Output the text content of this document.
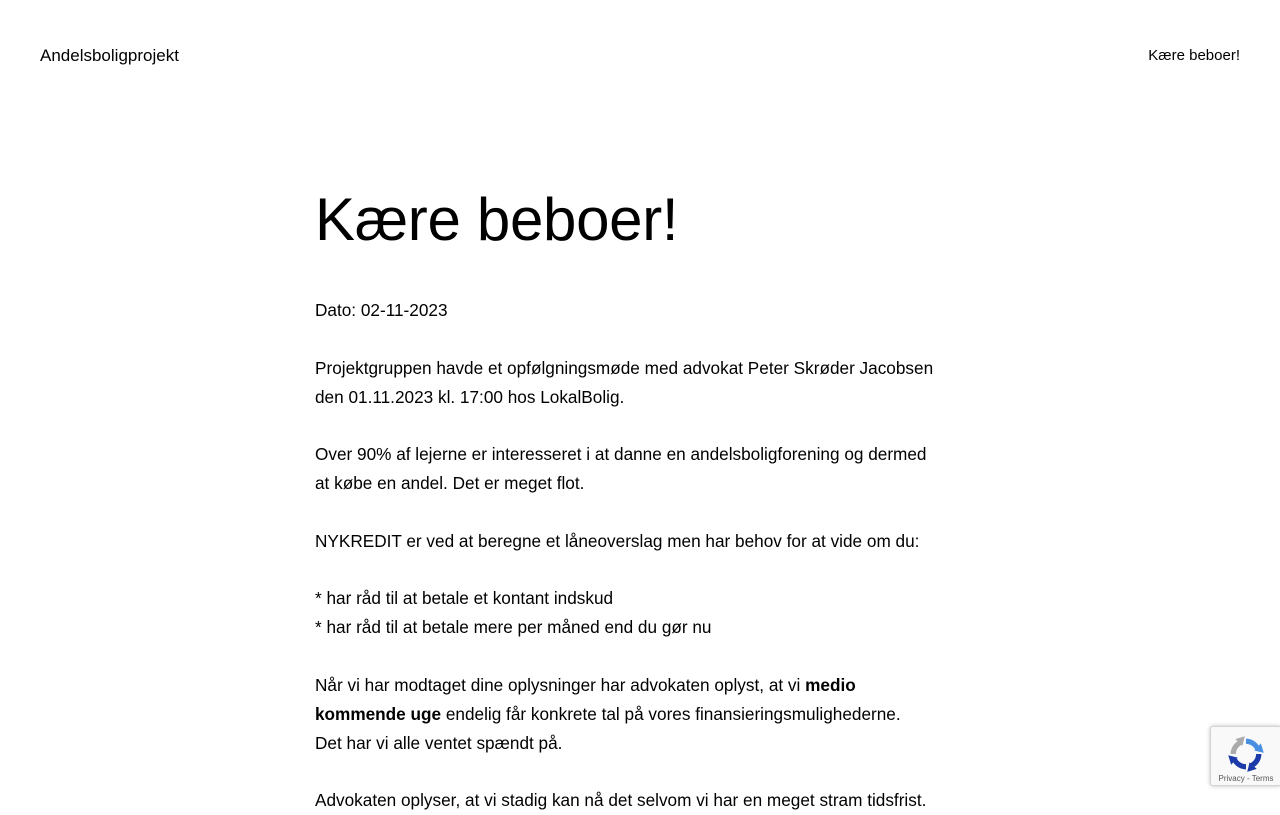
Andelsboligprojekt	Kære beboer!
Kære beboer!

Dato: 02-11-2023

Projektgruppen havde et opfølgningsmøde med advokat Peter Skrøder Jacobsen
den 01.11.2023 kl. 17:00 hos LokalBolig.

Over 90% af lejerne er interesseret i at danne en andelsboligforening og dermed
at købe en andel. Det er meget flot.

NYKREDIT er ved at beregne et låneoverslag men har behov for at vide om du:

* har råd til at betale et kontant indskud
* har råd til at betale mere per måned end du gør nu

Når vi har modtaget dine oplysninger har advokaten oplyst, at vi medio
kommende uge endelig får konkrete tal på vores finansieringsmulighederne.
Det har vi alle ventet spændt på.

Advokaten oplyser, at vi stadig kan nå det selvom vi har en meget stram tidsfrist.

Privacy - Terms
